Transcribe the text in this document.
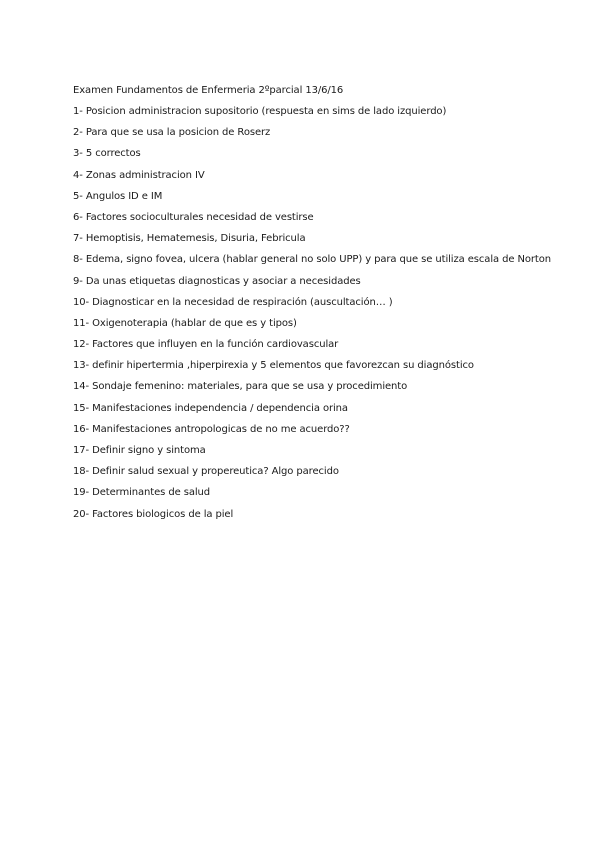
Examen Fundamentos de Enfermeria 2ºparcial 13/6/16
1- Posicion administracion supositorio (respuesta en sims de lado izquierdo)
2- Para que se usa la posicion de Roserz
3- 5 correctos
4- Zonas administracion IV
5- Angulos ID e IM
6- Factores socioculturales necesidad de vestirse
7- Hemoptisis, Hematemesis, Disuria, Febricula
8- Edema, signo fovea, ulcera (hablar general no solo UPP) y para que se utiliza escala de Norton
9- Da unas etiquetas diagnosticas y asociar a necesidades
10- Diagnosticar en la necesidad de respiración (auscultación… )
11- Oxigenoterapia (hablar de que es y tipos)
12- Factores que influyen en la función cardiovascular
13- definir hipertermia ,hiperpirexia y 5 elementos que favorezcan su diagnóstico
14- Sondaje femenino: materiales, para que se usa y procedimiento
15- Manifestaciones independencia / dependencia orina
16- Manifestaciones antropologicas de no me acuerdo??
17- Definir signo y sintoma
18- Definir salud sexual y propereutica? Algo parecido
19- Determinantes de salud
20- Factores biologicos de la piel
